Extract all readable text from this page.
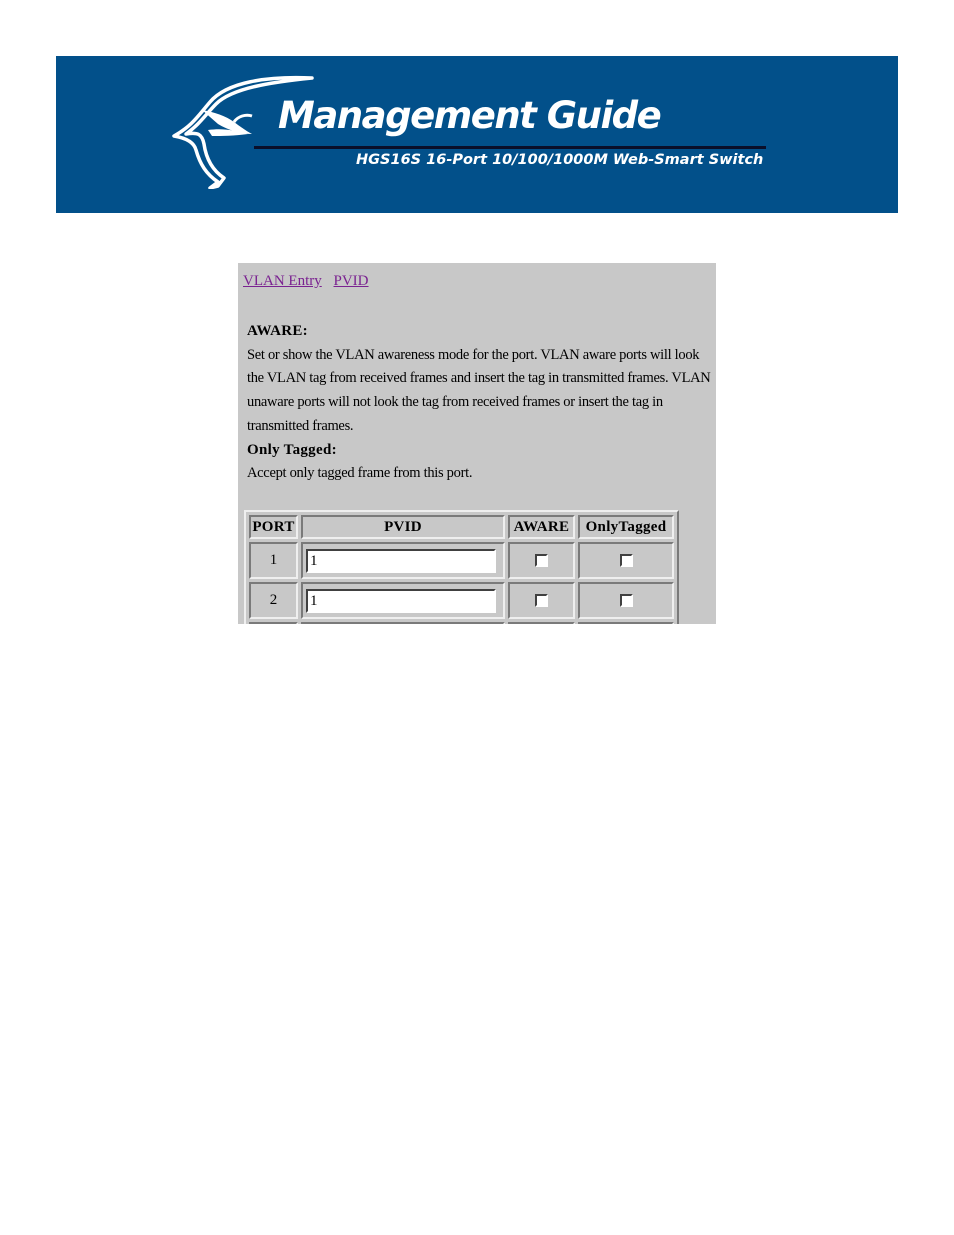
Management Guide
HGS16S 16-Port 10/100/1000M Web-Smart Switch
VLAN Entry PVID

AWARE:

Set or show the VLAN awareness mode for the port. VLAN aware ports will look the VLAN tag from received frames and insert the tag in transmitted frames. VLAN unaware ports will not look the tag from received frames or insert the tag in transmitted frames.

Only Tagged:

Accept only tagged frame from this port.

PORT	PVID	AWARE	OnlyTagged
1	1		

2	1		
